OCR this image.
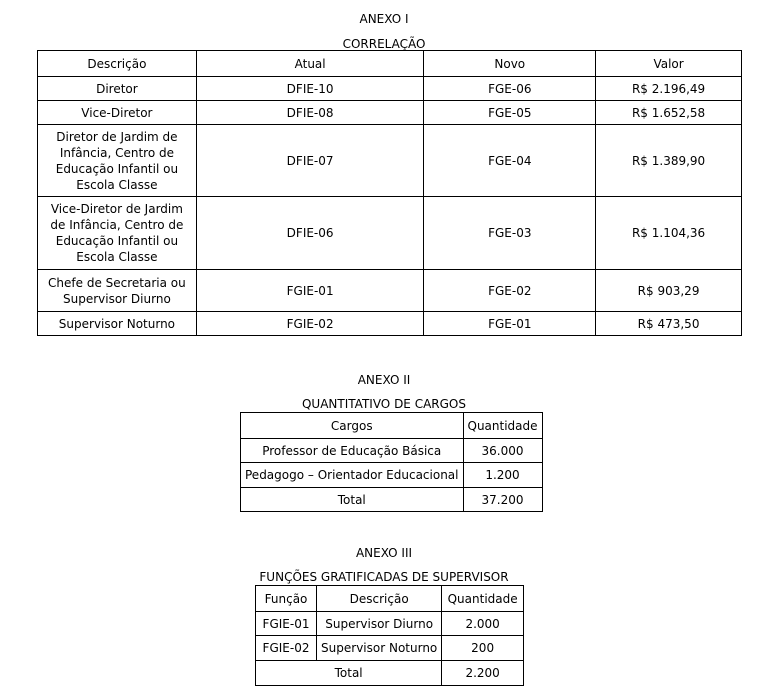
ANEXO I
CORRELAÇÃO
Descrição	Atual	Novo	Valor
Diretor	DFIE-10	FGE-06	R$ 2.196,49
Vice-Diretor	DFIE-08	FGE-05	R$ 1.652,58
Diretor de Jardim de Infância, Centro de Educação Infantil ou Escola Classe	DFIE-07	FGE-04	R$ 1.389,90
Vice-Diretor de Jardim de Infância, Centro de Educação Infantil ou Escola Classe	DFIE-06	FGE-03	R$ 1.104,36
Chefe de Secretaria ou Supervisor Diurno	FGIE-01	FGE-02	R$ 903,29
Supervisor Noturno	FGIE-02	FGE-01	R$ 473,50
ANEXO II
QUANTITATIVO DE CARGOS
Cargos	Quantidade
Professor de Educação Básica	36.000
Pedagogo – Orientador Educacional	1.200
Total	37.200
ANEXO III
FUNÇÕES GRATIFICADAS DE SUPERVISOR
Função	Descrição	Quantidade
FGIE-01	Supervisor Diurno	2.000
FGIE-02	Supervisor Noturno	200
Total		2.200
